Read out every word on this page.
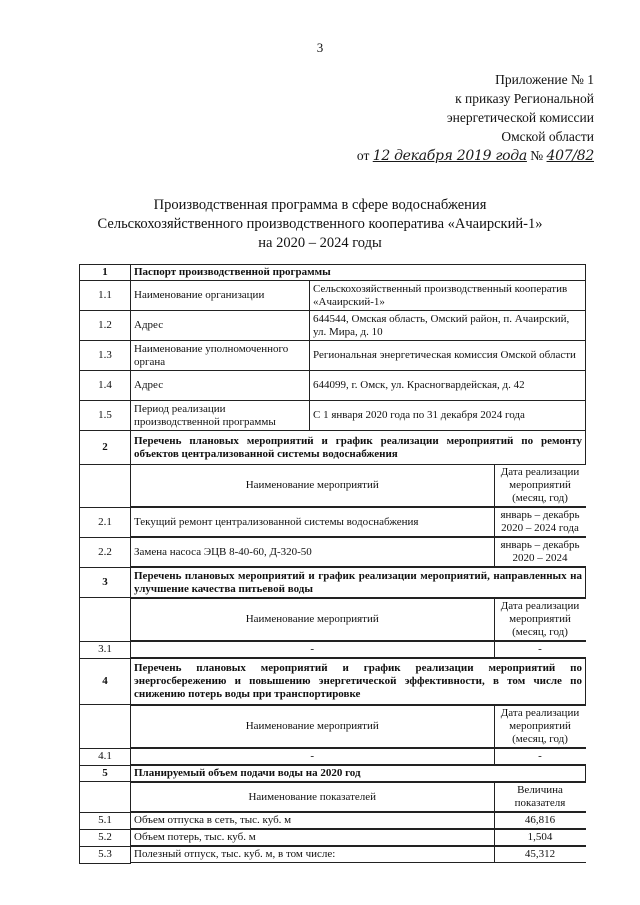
3
Приложение № 1
к приказу Региональной
энергетической комиссии
Омской области
от 12 декабря 2019 года № 407/82
Производственная программа в сфере водоснабжения
Сельскохозяйственного производственного кооператива «Ачаирский-1»
на 2020 – 2024 годы
1	Паспорт производственной программы
1.1	Наименование организации	Сельскохозяйственный производственный кооператив «Ачаирский-1»
1.2	Адрес	644544, Омская область, Омский район, п. Ачаирский, ул. Мира, д. 10
1.3	Наименование уполномоченного органа	Региональная энергетическая комиссия Омской области
1.4	Адрес	644099, г. Омск, ул. Красногвардейская, д. 42
1.5	Период реализации производственной программы	С 1 января 2020 года по 31 декабря 2024 года
2	Перечень плановых мероприятий и график реализации мероприятий по ремонту объектов централизованной системы водоснабжения

Наименование мероприятий	Дата реализации мероприятий (месяц, год)

2.1	Текущий ремонт централизованной системы водоснабжения	январь – декабрь 2020 – 2024 года

2.2	Замена насоса ЭЦВ 8-40-60, Д-320-50	январь – декабрь 2020 – 2024

3	Перечень плановых мероприятий и график реализации мероприятий, направленных на улучшение качества питьевой воды

Наименование мероприятий	Дата реализации мероприятий (месяц, год)

3.1		-	-

4	Перечень плановых мероприятий и график реализации мероприятий по энергосбережению и повышению энергетической эффективности, в том числе по снижению потерь воды при транспортировке

Наименование мероприятий	Дата реализации мероприятий (месяц, год)

4.1		-	-

5	Планируемый объем подачи воды на 2020 год

Наименование показателей	Величина показателя

5.1	Объем отпуска в сеть, тыс. куб. м	46,816

5.2	Объем потерь, тыс. куб. м	1,504

5.3	Полезный отпуск, тыс. куб. м, в том числе:	45,312
